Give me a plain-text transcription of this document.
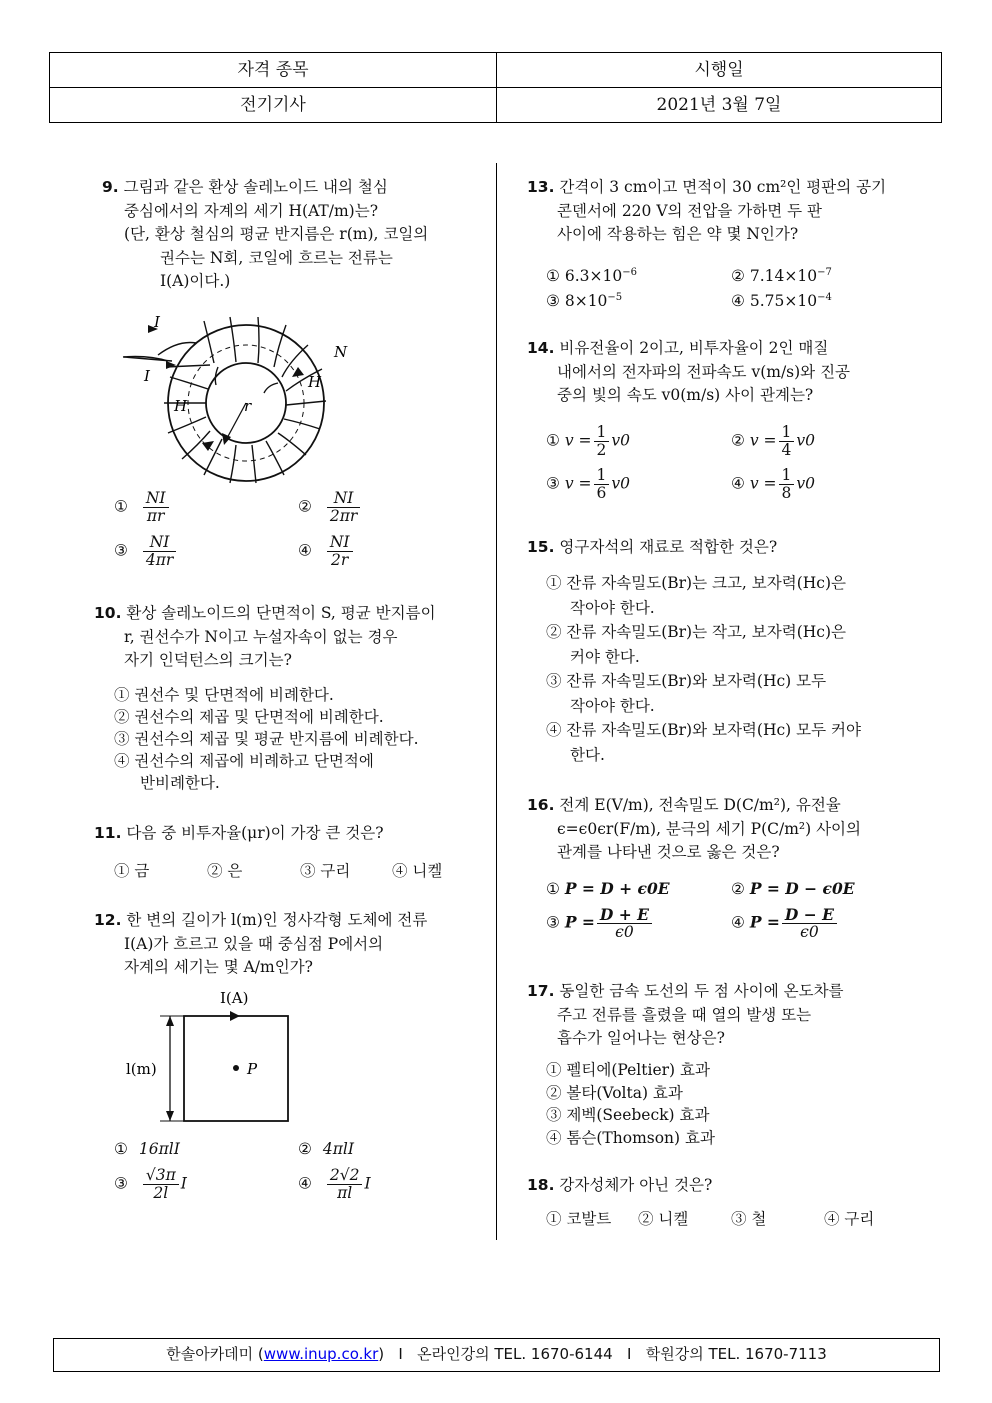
자격 종목	시행일
전기기사	2021년 3월 7일
9. 그림과 같은 환상 솔레노이드 내의 철심
중심에서의 자계의 세기 H(AT/m)는?
(단, 환상 철심의 평균 반지름은 r(m), 코일의
권수는 N회, 코일에 흐르는 전류는
I(A)이다.)
I
I
N
H
H	r
① $\frac{NI}{\pi r}$	② $\frac{NI}{2\pi r}$
③ $\frac{NI}{4\pi r}$	④ $\frac{NI}{2r}$
10. 환상 솔레노이드의 단면적이 S, 평균 반지름이
r, 권선수가 N이고 누설자속이 없는 경우
자기 인덕턴스의 크기는?
① 권선수 및 단면적에 비례한다.
② 권선수의 제곱 및 단면적에 비례한다.
③ 권선수의 제곱 및 평균 반지름에 비례한다.
④ 권선수의 제곱에 비례하고 단면적에
반비례한다.
11. 다음 중 비투자율(μr)이 가장 큰 것은?
① 금	② 은	③ 구리	④ 니켈
12. 한 변의 길이가 l(m)인 정사각형 도체에 전류
I(A)가 흐르고 있을 때 중심점 P에서의
자계의 세기는 몇 A/m인가?
I(A)
l(m)	P
① 16πlI	② 4πlI
③ $\frac{√3\pi}{2l}$ I	④ $\frac{2√2}{\pi l}$ I
13. 간격이 3 cm이고 면적이 30 cm²인 평판의 공기
콘덴서에 220 V의 전압을 가하면 두 판
사이에 작용하는 힘은 약 몇 N인가?
① $6.3\times 10^{-6}$	② $7.14\times 10^{-7}$
③ $8\times 10^{-5}$	④ $5.75\times 10^{-4}$
14. 비유전율이 2이고, 비투자율이 2인 매질
내에서의 전자파의 전파속도 v(m/s)와 진공
중의 빛의 속도 v0(m/s) 사이 관계는?
① $v = \frac{1}{2} v0$	② $v = \frac{1}{4} v0$
③ $v = \frac{1}{6} v0$	④ $v = \frac{1}{8} v0$
15. 영구자석의 재료로 적합한 것은?
① 잔류 자속밀도(Br)는 크고, 보자력(Hc)은
작아야 한다.
② 잔류 자속밀도(Br)는 작고, 보자력(Hc)은
커야 한다.
③ 잔류 자속밀도(Br)와 보자력(Hc) 모두
작아야 한다.
④ 잔류 자속밀도(Br)와 보자력(Hc) 모두 커야
한다.
16. 전계 E(V/m), 전속밀도 D(C/m²), 유전율
ϵ=ϵ0ϵr(F/m), 분극의 세기 P(C/m²) 사이의
관계를 나타낸 것으로 옳은 것은?
① P = D + ϵ0E	② P = D − ϵ0E
③ $P = \frac{D + E}{\epsilon 0}$	④ $P = \frac{D - E}{\epsilon 0}$
17. 동일한 금속 도선의 두 점 사이에 온도차를
주고 전류를 흘렸을 때 열의 발생 또는
흡수가 일어나는 현상은?
① 펠티에(Peltier) 효과
② 볼타(Volta) 효과
③ 제벡(Seebeck) 효과
④ 톰슨(Thomson) 효과
18. 강자성체가 아닌 것은?
① 코발트 ② 니켈	③ 철	④ 구리
한솔아카데미 (www.inup.co.kr) I 온라인강의 TEL. 1670-6144 I 학원강의 TEL. 1670-7113
